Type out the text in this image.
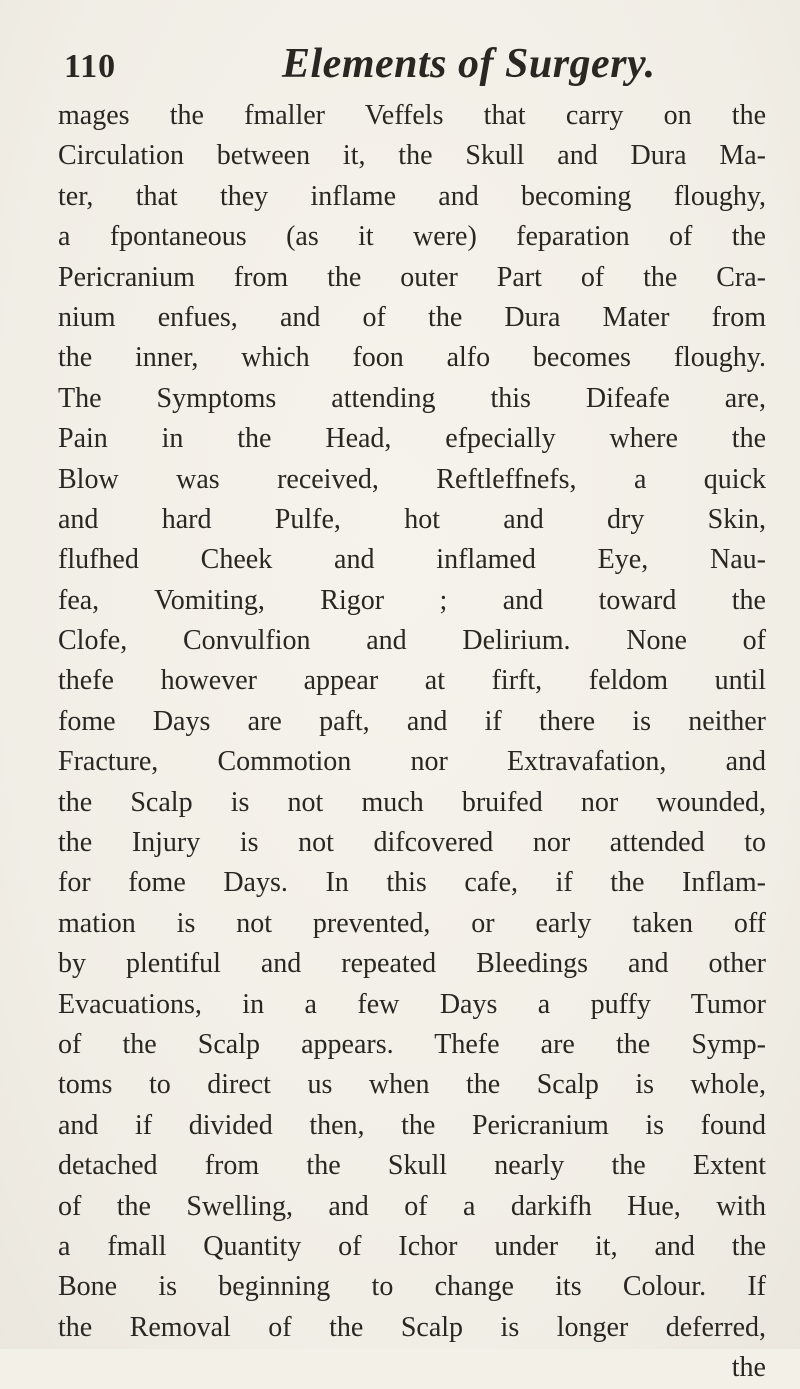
110	Elements of Surgery.
mages the fmaller Veffels that carry on the
Circulation between it, the Skull and Dura Ma-
ter, that they inflame and becoming floughy,
a fpontaneous (as it were) feparation of the
Pericranium from the outer Part of the Cra-
nium enfues, and of the Dura Mater from
the inner, which foon alfo becomes floughy.
The Symptoms attending this Difeafe are,
Pain in the Head, efpecially where the
Blow was received, Reftleffnefs, a quick
and hard Pulfe, hot and dry Skin,
flufhed Cheek and inflamed Eye, Nau-
fea, Vomiting, Rigor ; and toward the
Clofe, Convulfion and Delirium. None of
thefe however appear at firft, feldom until
fome Days are paft, and if there is neither
Fracture, Commotion nor Extravafation, and
the Scalp is not much bruifed nor wounded,
the Injury is not difcovered nor attended to
for fome Days. In this cafe, if the Inflam-
mation is not prevented, or early taken off
by plentiful and repeated Bleedings and other
Evacuations, in a few Days a puffy Tumor
of the Scalp appears. Thefe are the Symp-
toms to direct us when the Scalp is whole,
and if divided then, the Pericranium is found
detached from the Skull nearly the Extent
of the Swelling, and of a darkifh Hue, with
a fmall Quantity of Ichor under it, and the
Bone is beginning to change its Colour. If
the Removal of the Scalp is longer deferred,
the
